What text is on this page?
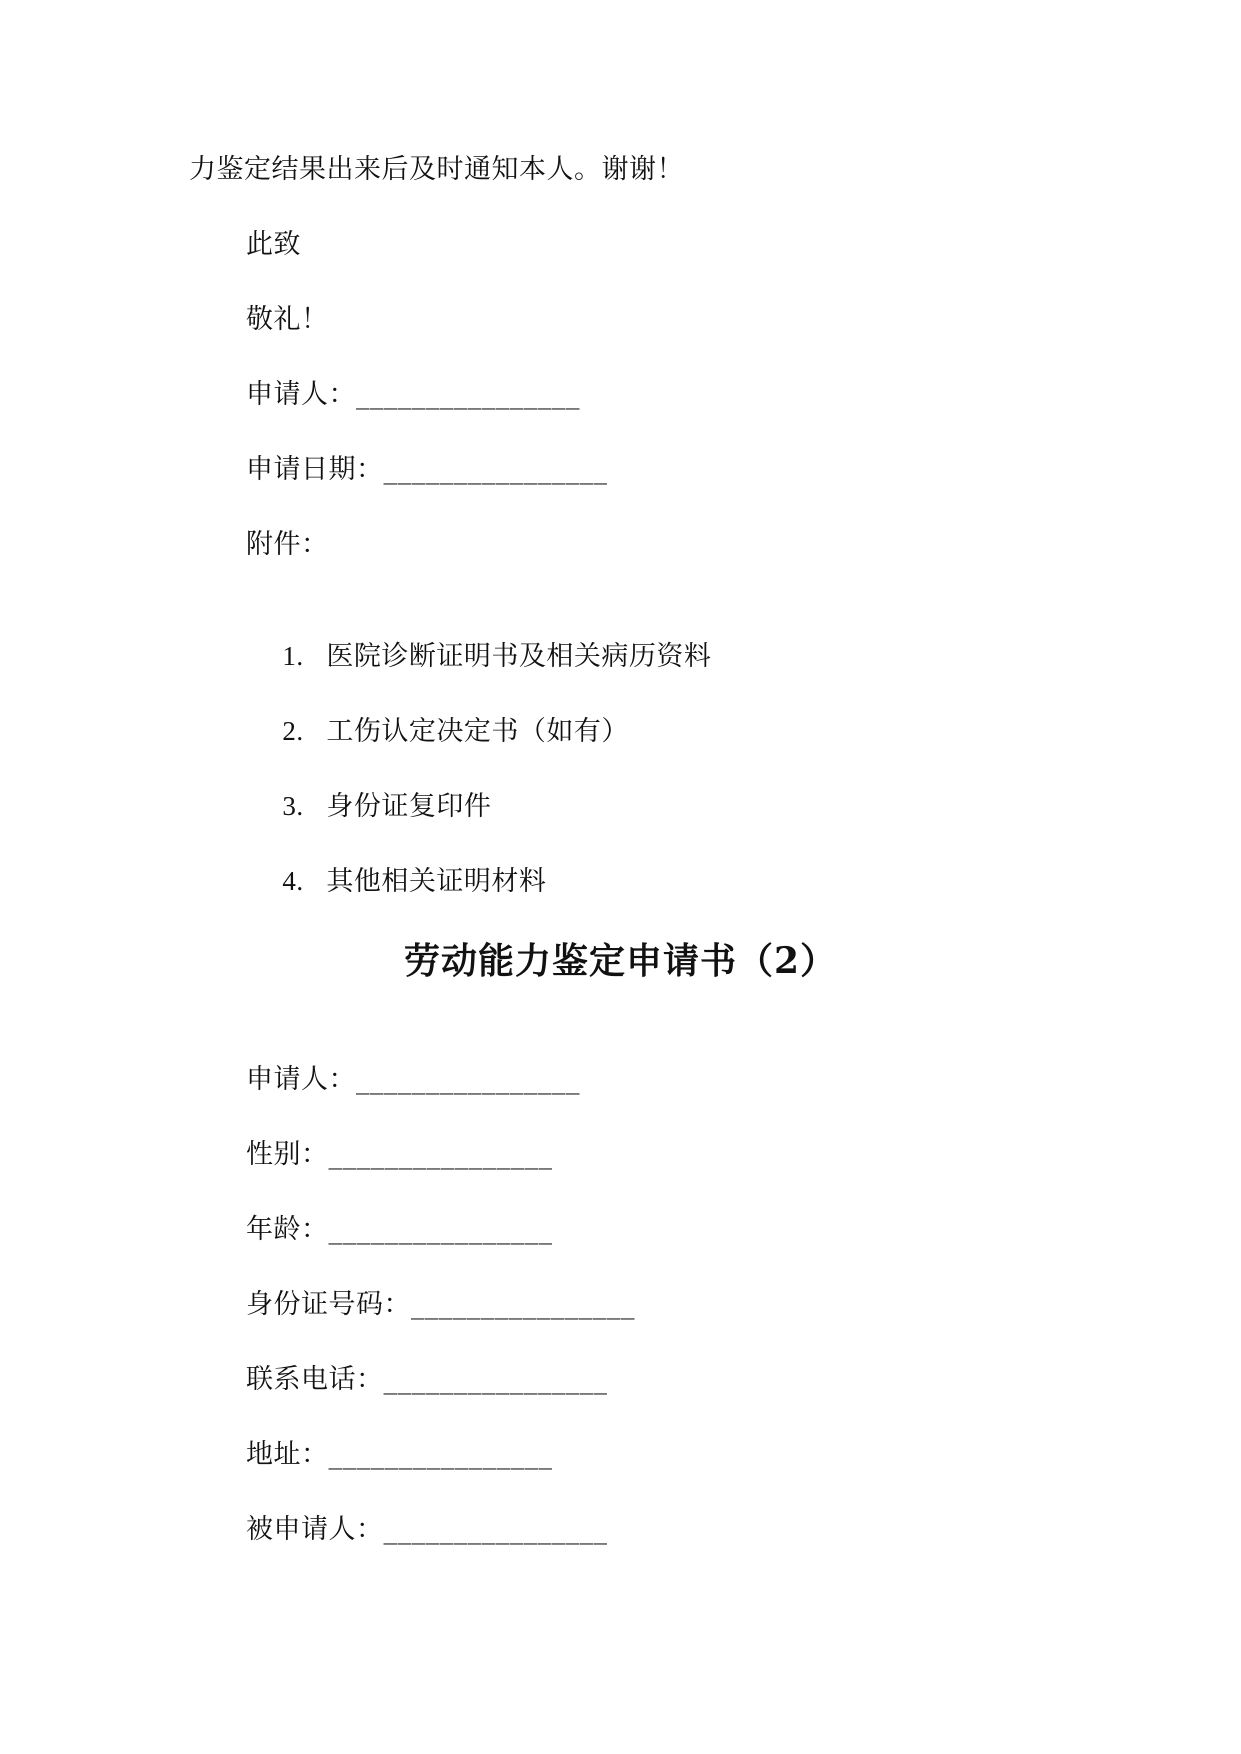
力鉴定结果出来后及时通知本人。谢谢！
此致
敬礼！
申请人：________________
申请日期：________________
附件：

1. 医院诊断证明书及相关病历资料

2. 工伤认定决定书（如有）

3. 身份证复印件

4. 其他相关证明材料

劳动能力鉴定申请书（2）
申请人：________________
性别：________________
年龄：________________
身份证号码：________________
联系电话：________________
地址：________________
被申请人：________________
